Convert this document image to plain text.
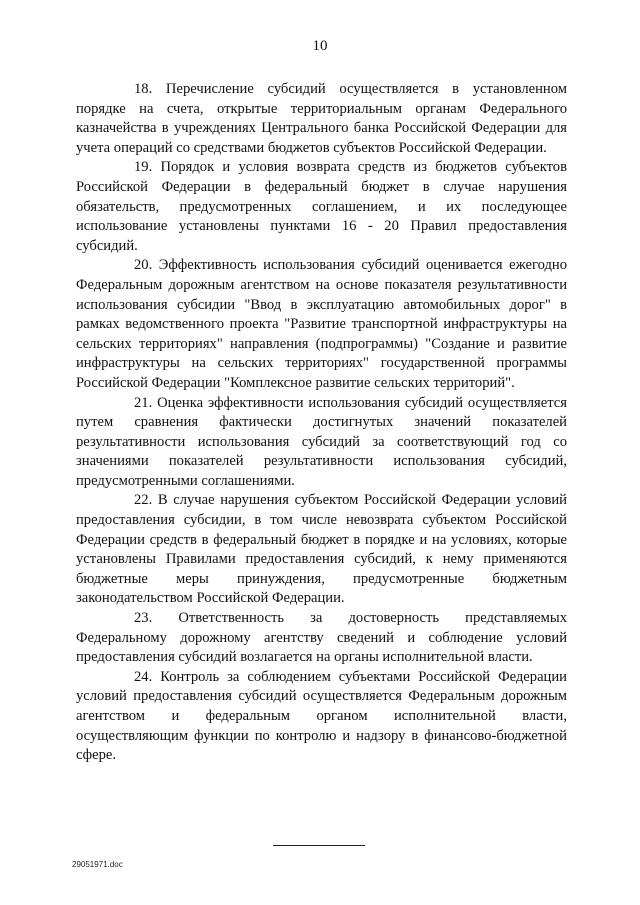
10

18. Перечисление субсидий осуществляется в установленном порядке на счета, открытые территориальным органам Федерального казначейства в учреждениях Центрального банка Российской Федерации для учета операций со средствами бюджетов субъектов Российской Федерации.

19. Порядок и условия возврата средств из бюджетов субъектов Российской Федерации в федеральный бюджет в случае нарушения обязательств, предусмотренных соглашением, и их последующее использование установлены пунктами 16 - 20 Правил предоставления субсидий.

20. Эффективность использования субсидий оценивается ежегодно Федеральным дорожным агентством на основе показателя результативности использования субсидии "Ввод в эксплуатацию автомобильных дорог" в рамках ведомственного проекта "Развитие транспортной инфраструктуры на сельских территориях" направления (подпрограммы) "Создание и развитие инфраструктуры на сельских территориях" государственной программы Российской Федерации "Комплексное развитие сельских территорий".

21. Оценка эффективности использования субсидий осуществляется путем сравнения фактически достигнутых значений показателей результативности использования субсидий за соответствующий год со значениями показателей результативности использования субсидий, предусмотренными соглашениями.

22. В случае нарушения субъектом Российской Федерации условий предоставления субсидии, в том числе невозврата субъектом Российской Федерации средств в федеральный бюджет в порядке и на условиях, которые установлены Правилами предоставления субсидий, к нему применяются бюджетные меры принуждения, предусмотренные бюджетным законодательством Российской Федерации.

23. Ответственность за достоверность представляемых Федеральному дорожному агентству сведений и соблюдение условий предоставления субсидий возлагается на органы исполнительной власти.

24. Контроль за соблюдением субъектами Российской Федерации условий предоставления субсидий осуществляется Федеральным дорожным агентством и федеральным органом исполнительной власти, осуществляющим функции по контролю и надзору в финансово-бюджетной сфере.

29051971.doc
